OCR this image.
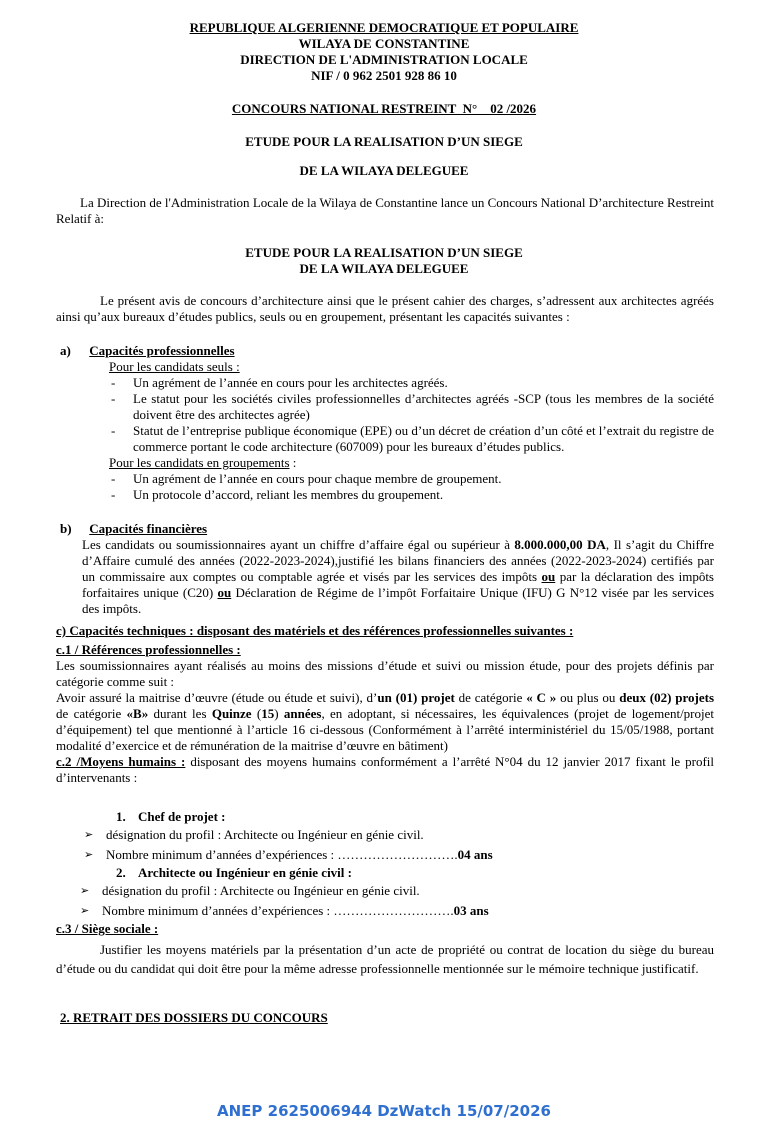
REPUBLIQUE ALGERIENNE DEMOCRATIQUE ET POPULAIRE
WILAYA DE CONSTANTINE
DIRECTION DE L'ADMINISTRATION LOCALE
NIF / 0 962 2501 928 86 10
CONCOURS NATIONAL RESTREINT  N°    02 /2026
ETUDE POUR LA REALISATION D’UN SIEGE
DE LA WILAYA DELEGUEE
La Direction de l'Administration Locale de la Wilaya de Constantine lance un Concours National D’architecture Restreint Relatif à:
ETUDE POUR LA REALISATION D’UN SIEGE
DE LA WILAYA DELEGUEE
Le présent avis de concours d’architecture ainsi que le présent cahier des charges, s’adressent aux architectes agréés ainsi qu’aux bureaux d’études publics, seuls ou en groupement, présentant les capacités suivantes :
a) Capacités professionnelles
Pour les candidats seuls :
- Un agrément de l’année en cours pour les architectes agréés.
- Le statut pour les sociétés civiles professionnelles d’architectes agréés -SCP (tous les membres de la société doivent être des architectes agrée)
- Statut de l’entreprise publique économique (EPE) ou d’un décret de création d’un côté et l’extrait du registre de commerce portant le code architecture (607009) pour les bureaux d’études publics.
Pour les candidats en groupements :
- Un agrément de l’année en cours pour chaque membre de groupement.
- Un protocole d’accord, reliant les membres du groupement.
b) Capacités financières
Les candidats ou soumissionnaires ayant un chiffre d’affaire égal ou supérieur à 8.000.000,00 DA, Il s’agit du Chiffre d’Affaire cumulé des années (2022-2023-2024),justifié les bilans financiers des années (2022-2023-2024) certifiés par un commissaire aux comptes ou comptable agrée et visés par les services des impôts ou par la déclaration des impôts forfaitaires unique (C20) ou Déclaration de Régime de l’impôt Forfaitaire Unique (IFU) G N°12 visée par les services des impôts.
c) Capacités techniques : disposant des matériels et des références professionnelles suivantes :
c.1 / Références professionnelles :
Les soumissionnaires ayant réalisés au moins des missions d’étude et suivi ou mission étude, pour des projets définis par catégorie comme suit :
Avoir assuré la maitrise d’œuvre (étude ou étude et suivi), d’un (01) projet de catégorie « C » ou plus ou deux (02) projets de catégorie «B» durant les Quinze (15) années, en adoptant, si nécessaires, les équivalences (projet de logement/projet d’équipement) tel que mentionné à l’article 16 ci-dessous (Conformément à l’arrêté interministériel du 15/05/1988, portant modalité d’exercice et de rémunération de la maitrise d’œuvre en bâtiment)
c.2 /Moyens humains : disposant des moyens humains conformément a l’arrêté N°04 du 12 janvier 2017 fixant le profil d’intervenants :
1. Chef de projet :
➢ désignation du profil : Architecte ou Ingénieur en génie civil.
➢ Nombre minimum d’années d’expériences : ……………………….04 ans
2. Architecte ou Ingénieur en génie civil :
➢ désignation du profil : Architecte ou Ingénieur en génie civil.
➢ Nombre minimum d’années d’expériences : ……………………….03 ans
c.3 / Siège sociale :
Justifier les moyens matériels par la présentation d’un acte de propriété ou contrat de location du siège du bureau d’étude ou du candidat qui doit être pour la même adresse professionnelle mentionnée sur le mémoire technique justificatif.
2. RETRAIT DES DOSSIERS DU CONCOURS
ANEP 2625006944 DzWatch 15/07/2026
